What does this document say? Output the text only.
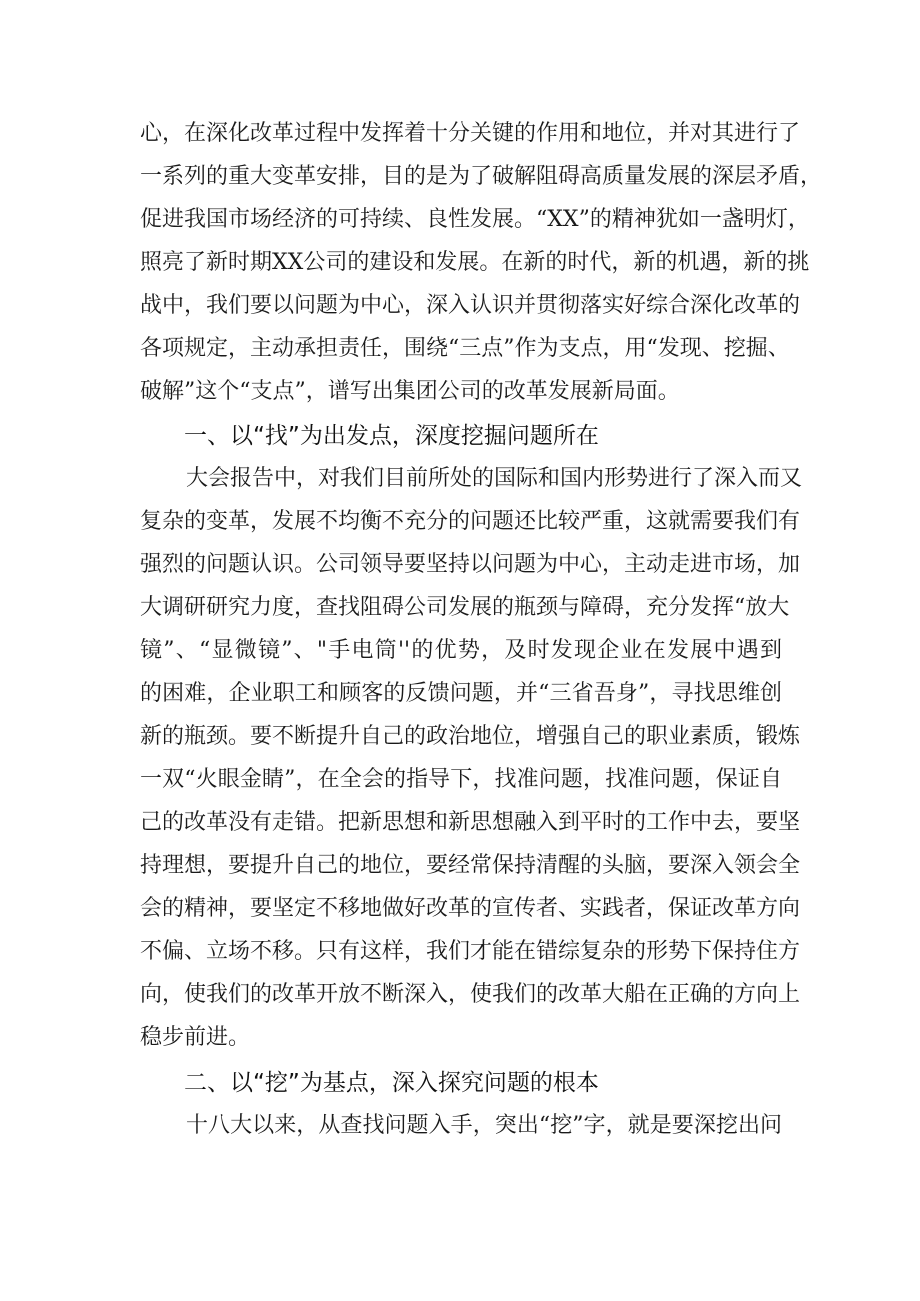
心，在深化改革过程中发挥着十分关键的作用和地位，并对其进行了
一系列的重大变革安排，目的是为了破解阻碍高质量发展的深层矛盾，
促进我国市场经济的可持续、良性发展。“XX”的精神犹如一盏明灯，
照亮了新时期XX公司的建设和发展。在新的时代，新的机遇，新的挑
战中，我们要以问题为中心，深入认识并贯彻落实好综合深化改革的
各项规定，主动承担责任，围绕“三点”作为支点，用“发现、挖掘、
破解”这个“支点”，谱写出集团公司的改革发展新局面。
一、以“找”为出发点，深度挖掘问题所在
大会报告中，对我们目前所处的国际和国内形势进行了深入而又
复杂的变革，发展不均衡不充分的问题还比较严重，这就需要我们有
强烈的问题认识。公司领导要坚持以问题为中心，主动走进市场，加
大调研研究力度，查找阻碍公司发展的瓶颈与障碍，充分发挥“放大
镜”、“显微镜”、"手电筒''的优势，及时发现企业在发展中遇到
的困难，企业职工和顾客的反馈问题，并“三省吾身”，寻找思维创
新的瓶颈。要不断提升自己的政治地位，增强自己的职业素质，锻炼
一双“火眼金睛”，在全会的指导下，找准问题，找准问题，保证自
己的改革没有走错。把新思想和新思想融入到平时的工作中去，要坚
持理想，要提升自己的地位，要经常保持清醒的头脑，要深入领会全
会的精神，要坚定不移地做好改革的宣传者、实践者，保证改革方向
不偏、立场不移。只有这样，我们才能在错综复杂的形势下保持住方
向，使我们的改革开放不断深入，使我们的改革大船在正确的方向上
稳步前进。
二、以“挖”为基点，深入探究问题的根本
十八大以来，从查找问题入手，突出“挖”字，就是要深挖出问
